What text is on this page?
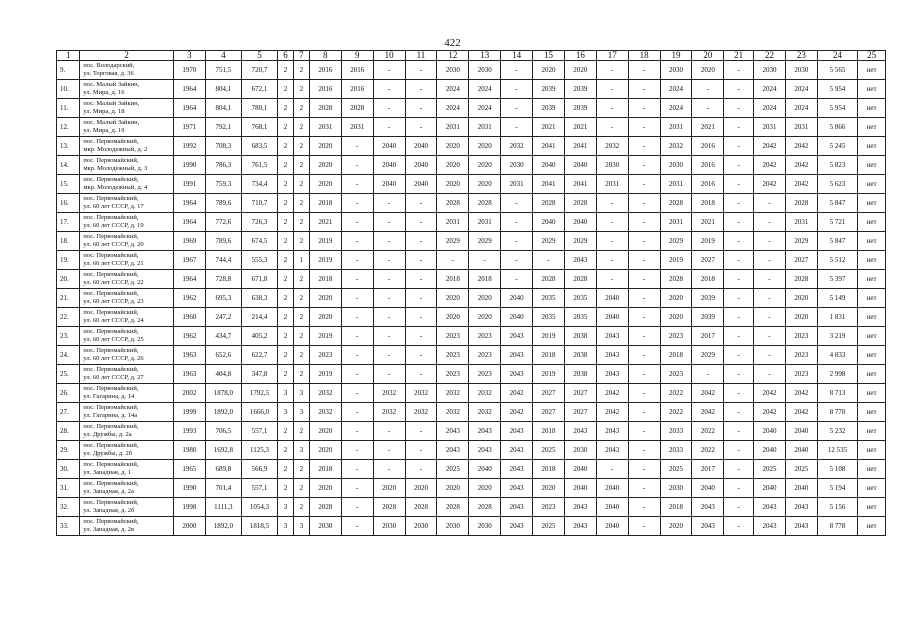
422
1	2	3	4	5	6	7	8	9	10	11	12	13	14	15	16	17	18	19	20	21	22	23	24	25
9.	пос. Володарский,
ул. Торговая, д. 36	1970	751,5	720,7	2	2	2016	2016	-	-	2030	2030	-	2020	2020	-	-	2030	2020	-	2030	2030	5 565	нет
10.	пос. Малый Зайкин,
ул. Мира, д. 16	1964	804,1	672,1	2	2	2016	2016	-	-	2024	2024	-	2039	2039	-	-	2024	-	-	2024	2024	5 954	нет
11.	пос. Малый Зайкин,
ул. Мира, д. 18	1964	804,1	780,1	2	2	2028	2028	-	-	2024	2024	-	2039	2039	-	-	2024	-	-	2024	2024	5 954	нет
12.	пос. Малый Зайкин,
ул. Мира, д. 19	1971	792,1	768,1	2	2	2031	2031	-	-	2031	2031	-	2021	2021	-	-	2031	2021	-	2031	2031	5 866	нет
13.	пос. Первомайский,
мкр. Молодежный, д. 2	1992	708,3	683,5	2	2	2020	-	2040	2040	2020	2020	2032	2041	2041	2032	-	2032	2016	-	2042	2042	5 245	нет
14.	пос. Первомайский,
мкр. Молодежный, д. 3	1990	786,3	761,5	2	2	2020	-	2040	2040	2020	2020	2030	2040	2040	2030	-	2030	2016	-	2042	2042	5 823	нет
15.	пос. Первомайский,
мкр. Молодежный, д. 4	1991	759,3	734,4	2	2	2020	-	2040	2040	2020	2020	2031	2041	2041	2031	-	2031	2016	-	2042	2042	5 623	нет
16.	пос. Первомайский,
ул. 60 лет СССР, д. 17	1964	789,6	710,7	2	2	2018	-	-	-	2028	2028	-	2028	2028	-	-	2028	2018	-	-	2028	5 847	нет
17.	пос. Первомайский,
ул. 60 лет СССР, д. 19	1964	772,6	726,3	2	2	2021	-	-	-	2031	2031	-	2040	2040	-	-	2031	2021	-	-	2031	5 721	нет
18.	пос. Первомайский,
ул. 60 лет СССР, д. 20	1969	789,6	674,5	2	2	2019	-	-	-	2029	2029	-	2029	2029	-	-	2029	2019	-	-	2029	5 847	нет
19.	пос. Первомайский,
ул. 60 лет СССР, д. 21	1967	744,4	555,3	2	1	2019	-	-	-	-	-	-	-	2043	-	-	2019	2027	-	-	2027	5 512	нет
20.	пос. Первомайский,
ул. 60 лет СССР, д. 22	1964	728,8	671,8	2	2	2018	-	-	-	2018	2018	-	2028	2028	-	-	2028	2018	-	-	2028	5 397	нет
21.	пос. Первомайский,
ул. 60 лет СССР, д. 23	1962	695,3	638,3	2	2	2020	-	-	-	2020	2020	2040	2035	2035	2040	-	2020	2039	-	-	2020	5 149	нет
22.	пос. Первомайский,
ул. 60 лет СССР, д. 24	1960	247,2	214,4	2	2	2020	-	-	-	2020	2020	2040	2035	2035	2040	-	2020	2039	-	-	2020	1 831	нет
23.	пос. Первомайский,
ул. 60 лет СССР, д. 25	1962	434,7	405,2	2	2	2019	-	-	-	2023	2023	2043	2019	2038	2043	-	2023	2017	-	-	2023	3 219	нет
24.	пос. Первомайский,
ул. 60 лет СССР, д. 26	1963	652,6	622,7	2	2	2023	-	-	-	2023	2023	2043	2018	2038	2043	-	2018	2029	-	-	2023	4 833	нет
25.	пос. Первомайский,
ул. 60 лет СССР, д. 27	1963	404,8	347,8	2	2	2019	-	-	-	2023	2023	2043	2019	2038	2043	-	2023	-	-	-	2023	2 998	нет
26.	пос. Первомайский,
ул. Гагарина, д. 14	2002	1878,0	1792,5	3	3	2032	-	2032	2032	2032	2032	2042	2027	2027	2042	-	2022	2042	-	2042	2042	8 713	нет
27.	пос. Первомайский,
ул. Гагарина, д. 14а	1999	1892,0	1666,0	3	3	2032	-	2032	2032	2032	2032	2042	2027	2027	2042	-	2022	2042	-	2042	2042	8 778	нет
28.	пос. Первомайский,
ул. Дружбы, д. 2а	1993	706,5	557,1	2	2	2020	-	-	-	2043	2043	2043	2018	2043	2043	-	2033	2022	-	2040	2040	5 232	нет
29.	пос. Первомайский,
ул. Дружбы, д. 2б	1980	1692,8	1125,3	2	3	2020	-	-	-	2043	2043	2043	2025	2030	2043	-	2033	2022	-	2040	2040	12 535	нет
30.	пос. Первомайский,
ул. Западная, д. 1	1965	689,8	566,9	2	2	2018	-	-	-	2025	2040	2043	2018	2040	-	-	2025	2017	-	2025	2025	5 108	нет
31.	пос. Первомайский,
ул. Западная, д. 2а	1990	701,4	557,1	2	2	2020	-	2020	2020	2020	2020	2043	2020	2040	2040	-	2030	2040	-	2040	2040	5 194	нет
32.	пос. Первомайский,
ул. Западная, д. 2б	1998	1111,3	1054,3	3	2	2028	-	2028	2028	2028	2028	2043	2023	2043	2040	-	2018	2043	-	2043	2043	5 156	нет
33.	пос. Первомайский,
ул. Западная, д. 2в	2000	1892,0	1818,5	3	3	2030	-	2030	2030	2030	2030	2043	2025	2043	2040	-	2020	2043	-	2043	2043	8 778	нет
